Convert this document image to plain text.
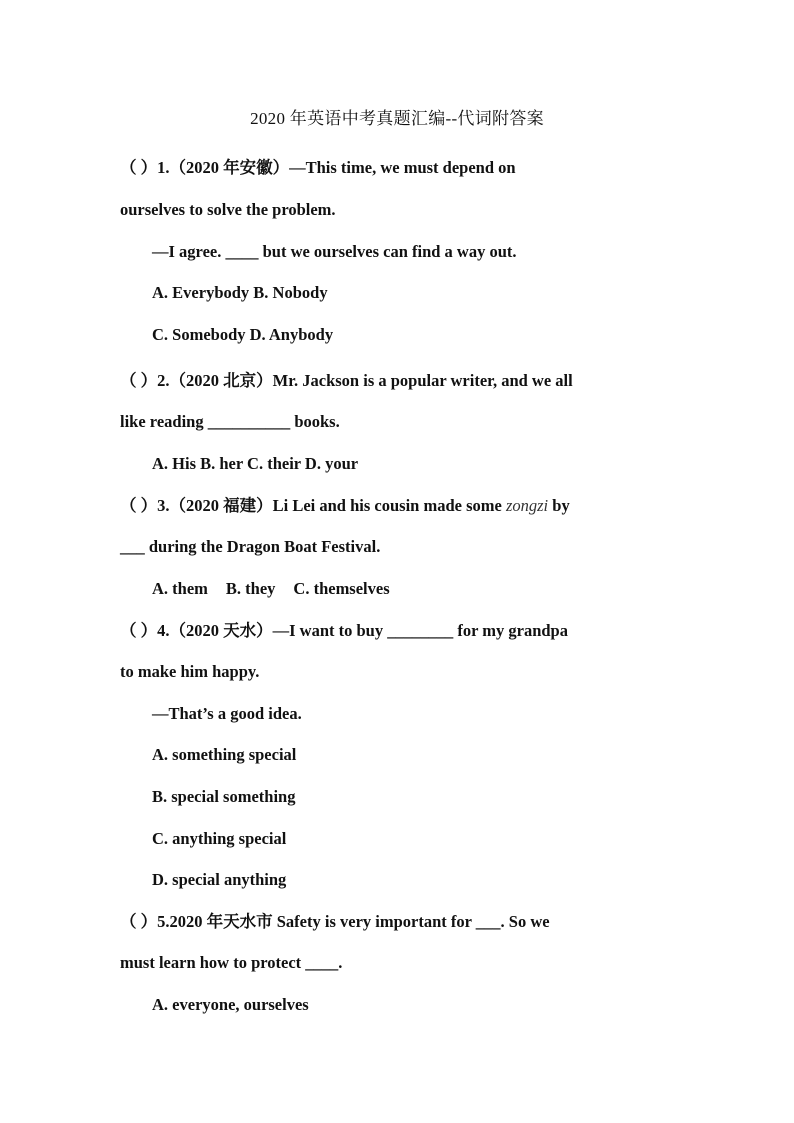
2020 年英语中考真题汇编--代词附答案
（ ）1.（2020 年安徽）—This time, we must depend on
ourselves to solve the problem.
—I agree. ____ but we ourselves can find a way out.
A. Everybody B. Nobody
C. Somebody D. Anybody
（ ）2.（2020 北京）Mr. Jackson is a popular writer, and we all
like reading __________ books.
A. His B. her C. their D. your
（ ）3.（2020 福建）Li Lei and his cousin made some zongzi by
___ during the Dragon Boat Festival.
A. them B. they C. themselves
（ ）4.（2020 天水）—I want to buy ________ for my grandpa
to make him happy.
—That’s a good idea.
A. something special
B. special something
C. anything special
D. special anything
（ ）5.2020 年天水市 Safety is very important for ___. So we
must learn how to protect ____.
A. everyone, ourselves
